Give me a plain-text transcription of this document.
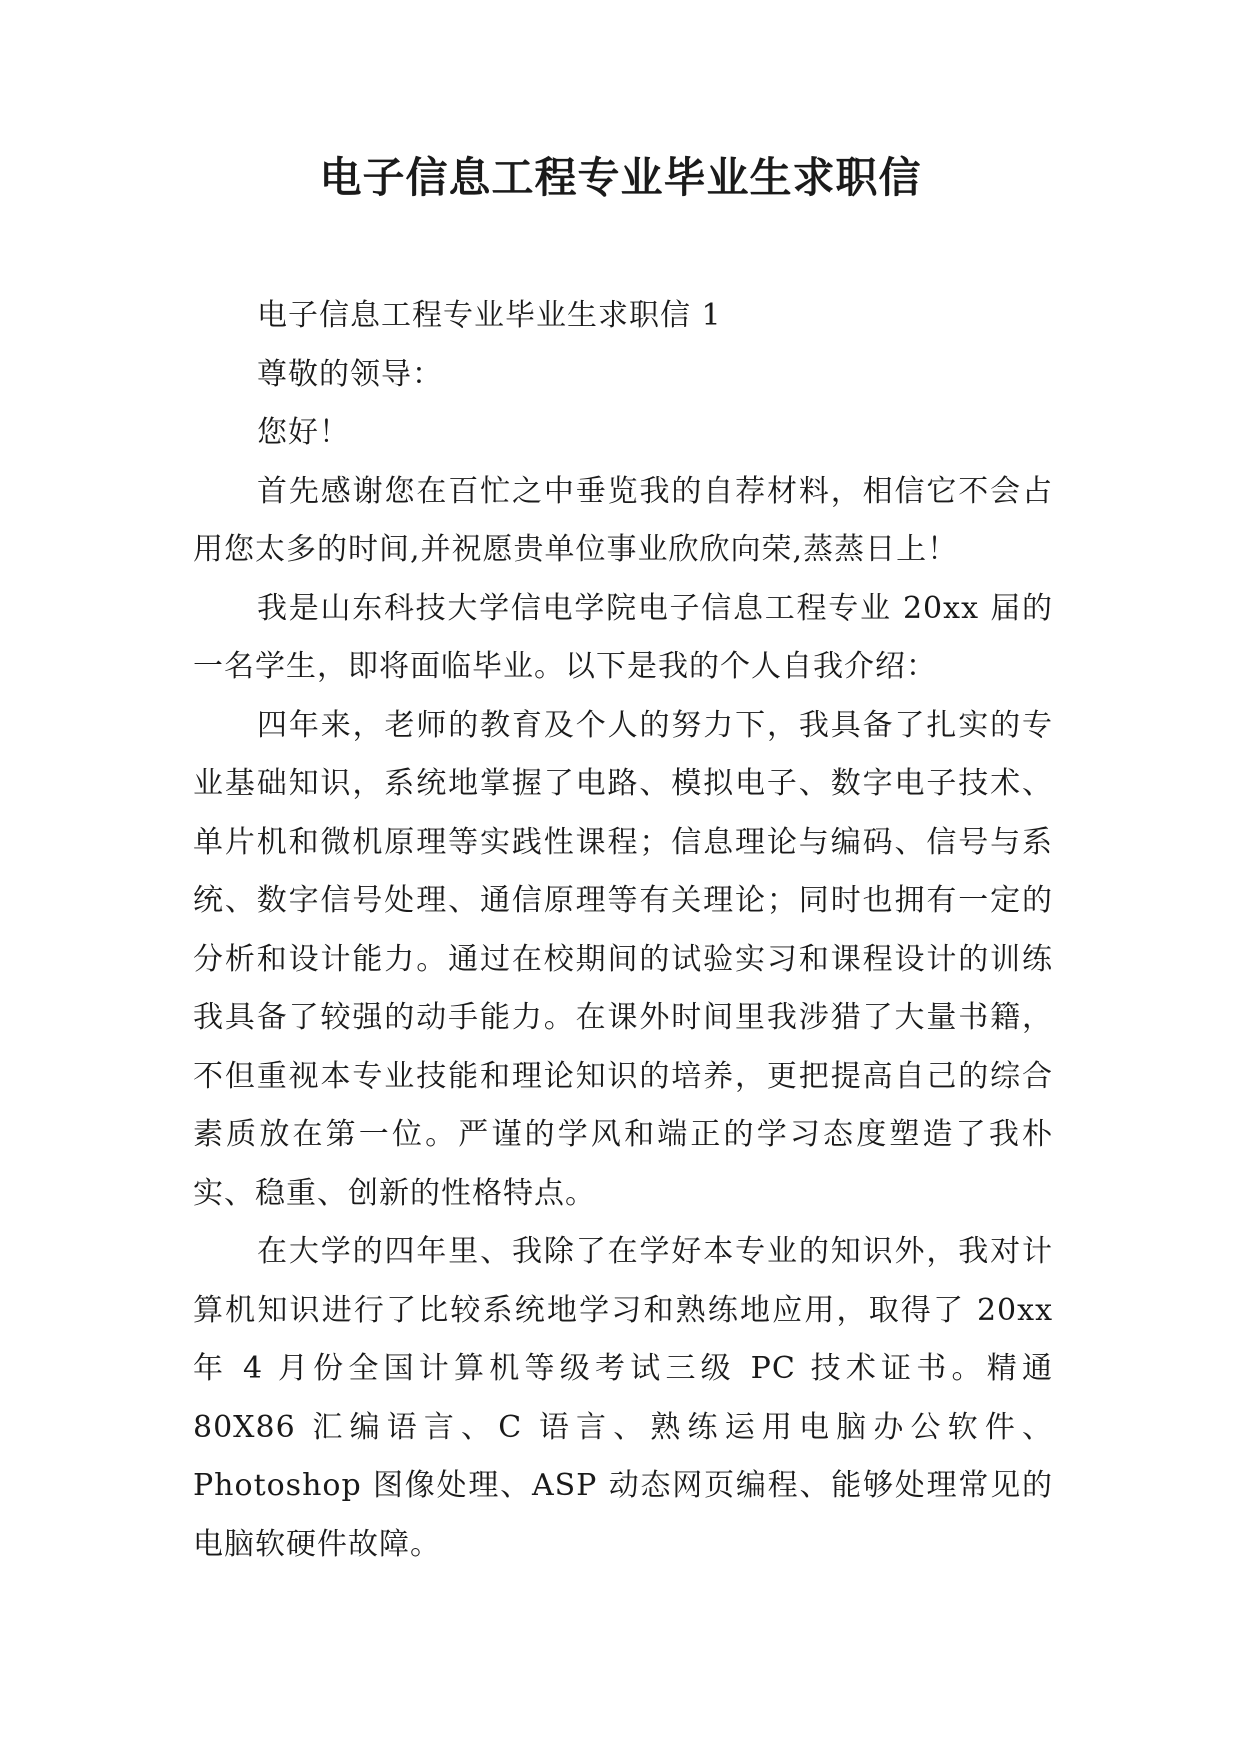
电子信息工程专业毕业生求职信

电子信息工程专业毕业生求职信 1

尊敬的领导：

您好！

首先感谢您在百忙之中垂览我的自荐材料，相信它不会占用您太多的时间,并祝愿贵单位事业欣欣向荣,蒸蒸日上！

我是山东科技大学信电学院电子信息工程专业 20xx 届的一名学生，即将面临毕业。以下是我的个人自我介绍：

四年来，老师的教育及个人的努力下，我具备了扎实的专业基础知识，系统地掌握了电路、模拟电子、数字电子技术、单片机和微机原理等实践性课程；信息理论与编码、信号与系统、数字信号处理、通信原理等有关理论；同时也拥有一定的分析和设计能力。通过在校期间的试验实习和课程设计的训练我具备了较强的动手能力。在课外时间里我涉猎了大量书籍，不但重视本专业技能和理论知识的培养，更把提高自己的综合素质放在第一位。严谨的学风和端正的学习态度塑造了我朴实、稳重、创新的性格特点。

在大学的四年里、我除了在学好本专业的知识外，我对计算机知识进行了比较系统地学习和熟练地应用，取得了 20xx 年 4 月份全国计算机等级考试三级 PC 技术证书。精通 80X86 汇编语言、C 语言、熟练运用电脑办公软件、Photoshop 图像处理、ASP 动态网页编程、能够处理常见的电脑软硬件故障。
